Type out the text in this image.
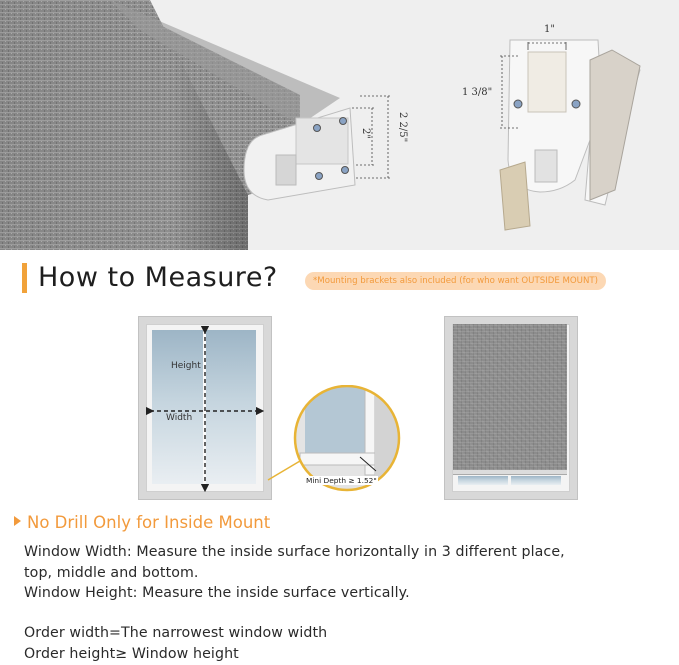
1"
1 3/8"
2"	2 2/5"
How to Measure?	*Mounting brackets also included (for who want OUTSIDE MOUNT)
Height
Width
Mini Depth ≥ 1.52"
No Drill Only for Inside Mount
Window Width: Measure the inside surface horizontally in 3 different place,
top, middle and bottom.
Window Height: Measure the inside surface vertically.
Order width=The narrowest window width
Order height≥ Window height
